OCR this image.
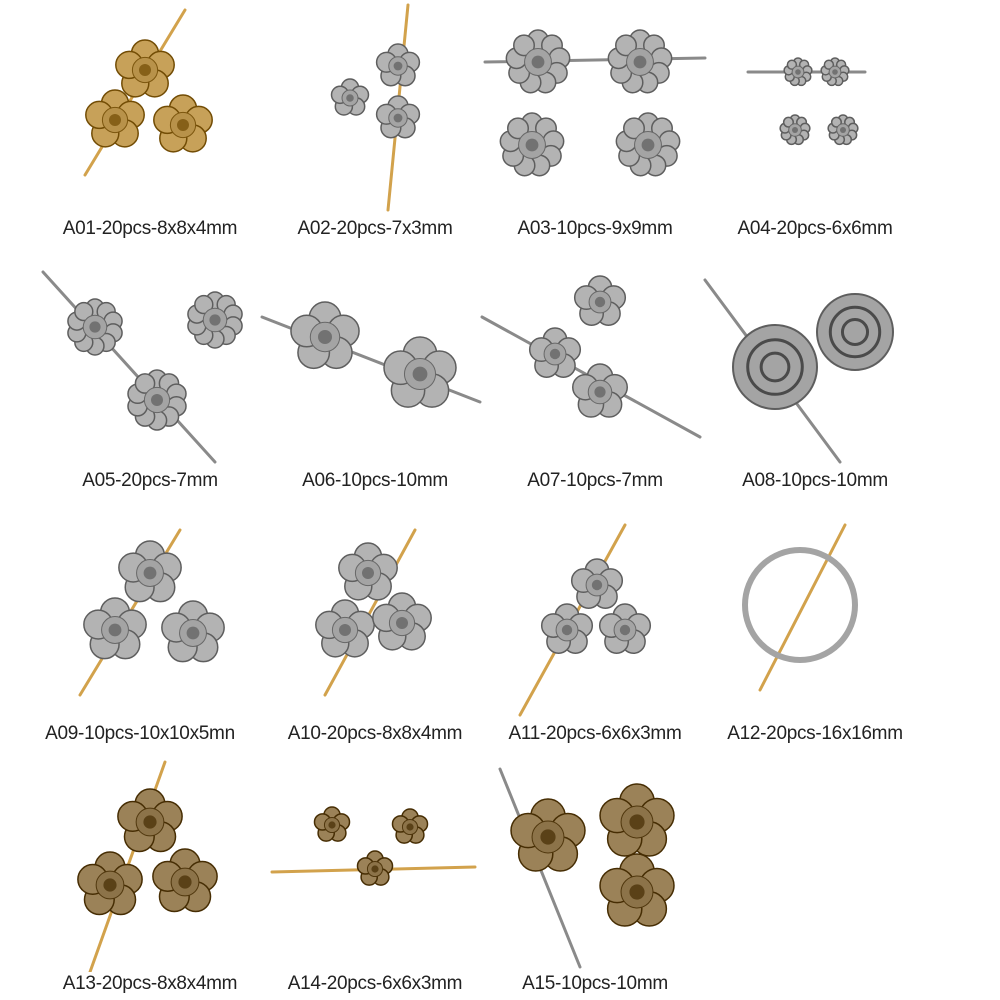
A01-20pcs-8x8x4mm	A02-20pcs-7x3mm	A03-10pcs-9x9mm	A04-20pcs-6x6mm
A05-20pcs-7mm	A06-10pcs-10mm	A07-10pcs-7mm	A08-10pcs-10mm
A09-10pcs-10x10x5mn	A10-20pcs-8x8x4mm	A11-20pcs-6x6x3mm	A12-20pcs-16x16mm
A13-20pcs-8x8x4mm	A14-20pcs-6x6x3mm	A15-10pcs-10mm
